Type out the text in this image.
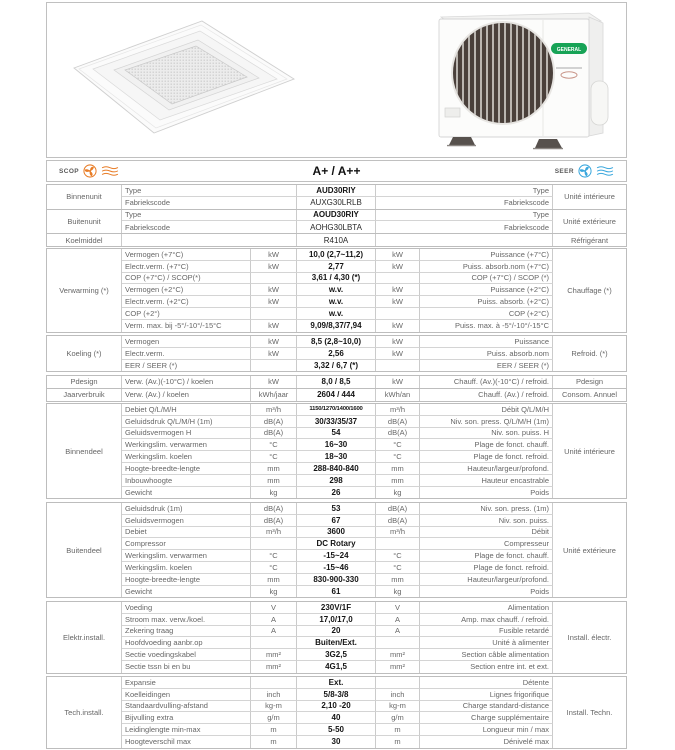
GENERAL
SCOP	A+ / A++	SEER
Binnenunit
Type	AUD30RIY	Type
Fabriekscode	AUXG30LRLB	Fabriekscode
Unité intérieure
Buitenunit
Type	AOUD30RIY	Type
Fabriekscode	AOHG30LBTA	Fabriekscode
Unité extérieure
Koelmiddel	R410A	Réfrigérant
Verwarming (*)
Vermogen (+7°C)	kW	10,0 (2,7~11,2)	kW	Puissance (+7°C)
Electr.verm. (+7°C)	kW	2,77	kW	Puiss. absorb.nom (+7°C)
COP (+7°C) / SCOP(*)	3,61 / 4,30 (*)	COP (+7°C) / SCOP (*)
Vermogen (+2°C)	kW	w.v.	kW	Puissance (+2°C)
Electr.verm. (+2°C)	kW	w.v.	kW	Puiss. absorb. (+2°C)
COP (+2°)	w.v.	COP (+2°C)
Verm. max. bij -5°/-10°/-15°C	kW	9,09/8,37/7,94	kW	Puiss. max. à -5°/-10°/-15°C
Chauffage (*)
Koeling (*)
Vermogen	kW	8,5 (2,8~10,0)	kW	Puissance
Electr.verm.	kW	2,56	kW	Puiss. absorb.nom
EER / SEER (*)	3,32 / 6,7 (*)	EER / SEER (*)
Refroid. (*)
Pdesign	Verw. (Av.)(-10°C) / koelen	kW	8,0 / 8,5	kW	Chauff. (Av.)(-10°C) / refroid.	Pdesign
Jaarverbruik	Verw. (Av.) / koelen	kWh/jaar	2604 / 444	kWh/an	Chauff. (Av.) / refroid.	Consom. Annuel
Binnendeel
Debiet Q/L/M/H	m³/h	1150/1270/1400/1600	m³/h	Débit Q/L/M/H
Geluidsdruk Q/L/M/H (1m)	dB(A)	30/33/35/37	dB(A)	Niv. son. press. Q/L/M/H (1m)
Geluidsvermogen H	dB(A)	54	dB(A)	Niv. son. puiss. H
Werkingslim. verwarmen	°C	16~30	°C	Plage de fonct. chauff.
Werkingslim. koelen	°C	18~30	°C	Plage de fonct. refroid.
Hoogte-breedte-lengte	mm	288-840-840	mm	Hauteur/largeur/profond.
Inbouwhoogte	mm	298	mm	Hauteur encastrable
Gewicht	kg	26	kg	Poids
Unité intérieure
Buitendeel
Geluidsdruk (1m)	dB(A)	53	dB(A)	Niv. son. press. (1m)
Geluidsvermogen	dB(A)	67	dB(A)	Niv. son. puiss.
Debiet	m³/h	3600	m³/h	Débit
Compressor	DC Rotary	Compresseur
Werkingslim. verwarmen	°C	-15~24	°C	Plage de fonct. chauff.
Werkingslim. koelen	°C	-15~46	°C	Plage de fonct. refroid.
Hoogte-breedte-lengte	mm	830-900-330	mm	Hauteur/largeur/profond.
Gewicht	kg	61	kg	Poids
Unité extérieure
Elektr.install.
Voeding	V	230V/1F	V	Alimentation
Stroom max. verw./koel.	A	17,0/17,0	A	Amp. max chauff. / refroid.
Zekering traag	A	20	A	Fusible retardé
Hoofdvoeding aanbr.op	Buiten/Ext.	Unité à alimenter
Sectie voedingskabel	mm²	3G2,5	mm²	Section câble alimentation
Sectie tssn bi en bu	mm²	4G1,5	mm²	Section entre int. et ext.
Install. électr.
Tech.install.
Expansie	Ext.	Détente
Koelleidingen	inch	5/8-3/8	inch	Lignes frigorifique
Standaardvulling-afstand	kg-m	2,10 -20	kg-m	Charge standard-distance
Bijvulling extra	g/m	40	g/m	Charge supplémentaire
Leidinglengte min-max	m	5-50	m	Longueur min / max
Hoogteverschil max	m	30	m	Dénivelé max
Install. Techn.
